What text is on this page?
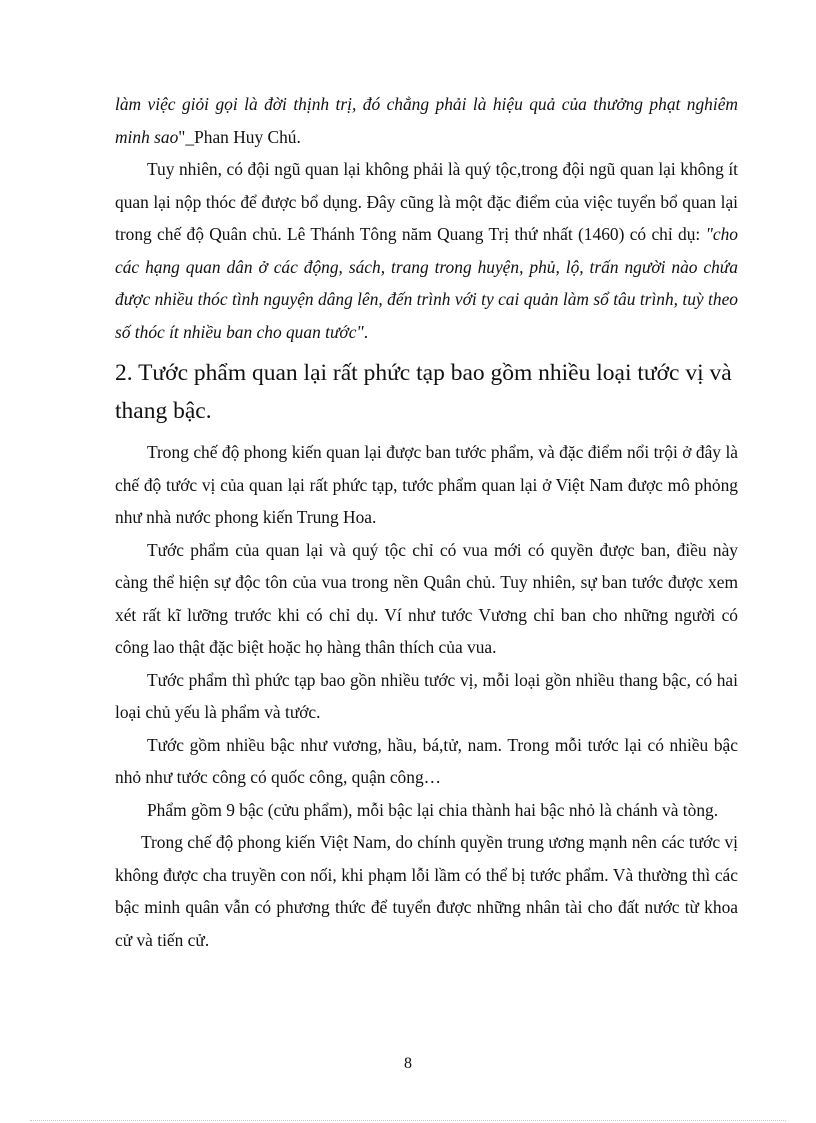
làm việc giỏi gọi là đời thịnh trị, đó chẳng phải là hiệu quả của thưởng phạt nghiêm minh sao"_Phan Huy Chú.

Tuy nhiên, có đội ngũ quan lại không phải là quý tộc,trong đội ngũ quan lại không ít quan lại nộp thóc để được bổ dụng. Đây cũng là một đặc điểm của việc tuyển bổ quan lại trong chế độ Quân chủ. Lê Thánh Tông năm Quang Trị thứ nhất (1460) có chỉ dụ: "cho các hạng quan dân ở các động, sách, trang trong huyện, phủ, lộ, trấn người nào chứa được nhiều thóc tình nguyện dâng lên, đến trình với ty cai quản làm sổ tâu trình, tuỳ theo số thóc ít nhiều ban cho quan tước".

2. Tước phẩm quan lại rất phức tạp bao gồm nhiều loại tước vị và thang bậc.

Trong chế độ phong kiến quan lại được ban tước phẩm, và đặc điểm nổi trội ở đây là chế độ tước vị của quan lại rất phức tạp, tước phẩm quan lại ở Việt Nam được mô phỏng như nhà nước phong kiến Trung Hoa.

Tước phẩm của quan lại và quý tộc chỉ có vua mới có quyền được ban, điều này càng thể hiện sự độc tôn của vua trong nền Quân chủ. Tuy nhiên, sự ban tước được xem xét rất kĩ lưỡng trước khi có chỉ dụ. Ví như tước Vương chỉ ban cho những người có công lao thật đặc biệt hoặc họ hàng thân thích của vua.

Tước phẩm thì phức tạp bao gồn nhiều tước vị, mỗi loại gồn nhiều thang bậc, có hai loại chủ yếu là phẩm và tước.

Tước gồm nhiều bậc như vương, hầu, bá,tử, nam. Trong mỗi tước lại có nhiều bậc nhỏ như tước công có quốc công, quận công…

Phẩm gồm 9 bậc (cửu phẩm), mỗi bậc lại chia thành hai bậc nhỏ là chánh và tòng.

Trong chế độ phong kiến Việt Nam, do chính quyền trung ương mạnh nên các tước vị không được cha truyền con nối, khi phạm lỗi lầm có thể bị tước phẩm. Và thường thì các bậc minh quân vẫn có phương thức để tuyển được những nhân tài cho đất nước từ khoa cử và tiến cử.

8
